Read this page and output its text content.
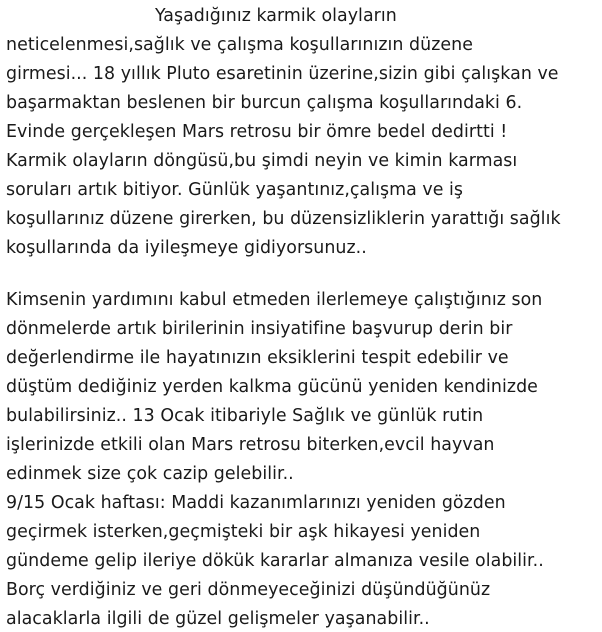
Yaşadığınız karmik olayların
neticelenmesi,sağlık ve çalışma koşullarınızın düzene
girmesi... 18 yıllık Pluto esaretinin üzerine,sizin gibi çalışkan ve
başarmaktan beslenen bir burcun çalışma koşullarındaki 6.
Evinde gerçekleşen Mars retrosu bir ömre bedel dedirtti !
Karmik olayların döngüsü,bu şimdi neyin ve kimin karması
soruları artık bitiyor. Günlük yaşantınız,çalışma ve iş
koşullarınız düzene girerken, bu düzensizliklerin yarattığı sağlık
koşullarında da iyileşmeye gidiyorsunuz..
Kimsenin yardımını kabul etmeden ilerlemeye çalıştığınız son
dönmelerde artık birilerinin insiyatifine başvurup derin bir
değerlendirme ile hayatınızın eksiklerini tespit edebilir ve
düştüm dediğiniz yerden kalkma gücünü yeniden kendinizde
bulabilirsiniz.. 13 Ocak itibariyle Sağlık ve günlük rutin
işlerinizde etkili olan Mars retrosu biterken,evcil hayvan
edinmek size çok cazip gelebilir..
9/15 Ocak haftası: Maddi kazanımlarınızı yeniden gözden
geçirmek isterken,geçmişteki bir aşk hikayesi yeniden
gündeme gelip ileriye dökük kararlar almanıza vesile olabilir..
Borç verdiğiniz ve geri dönmeyeceğinizi düşündüğünüz
alacaklarla ilgili de güzel gelişmeler yaşanabilir..
